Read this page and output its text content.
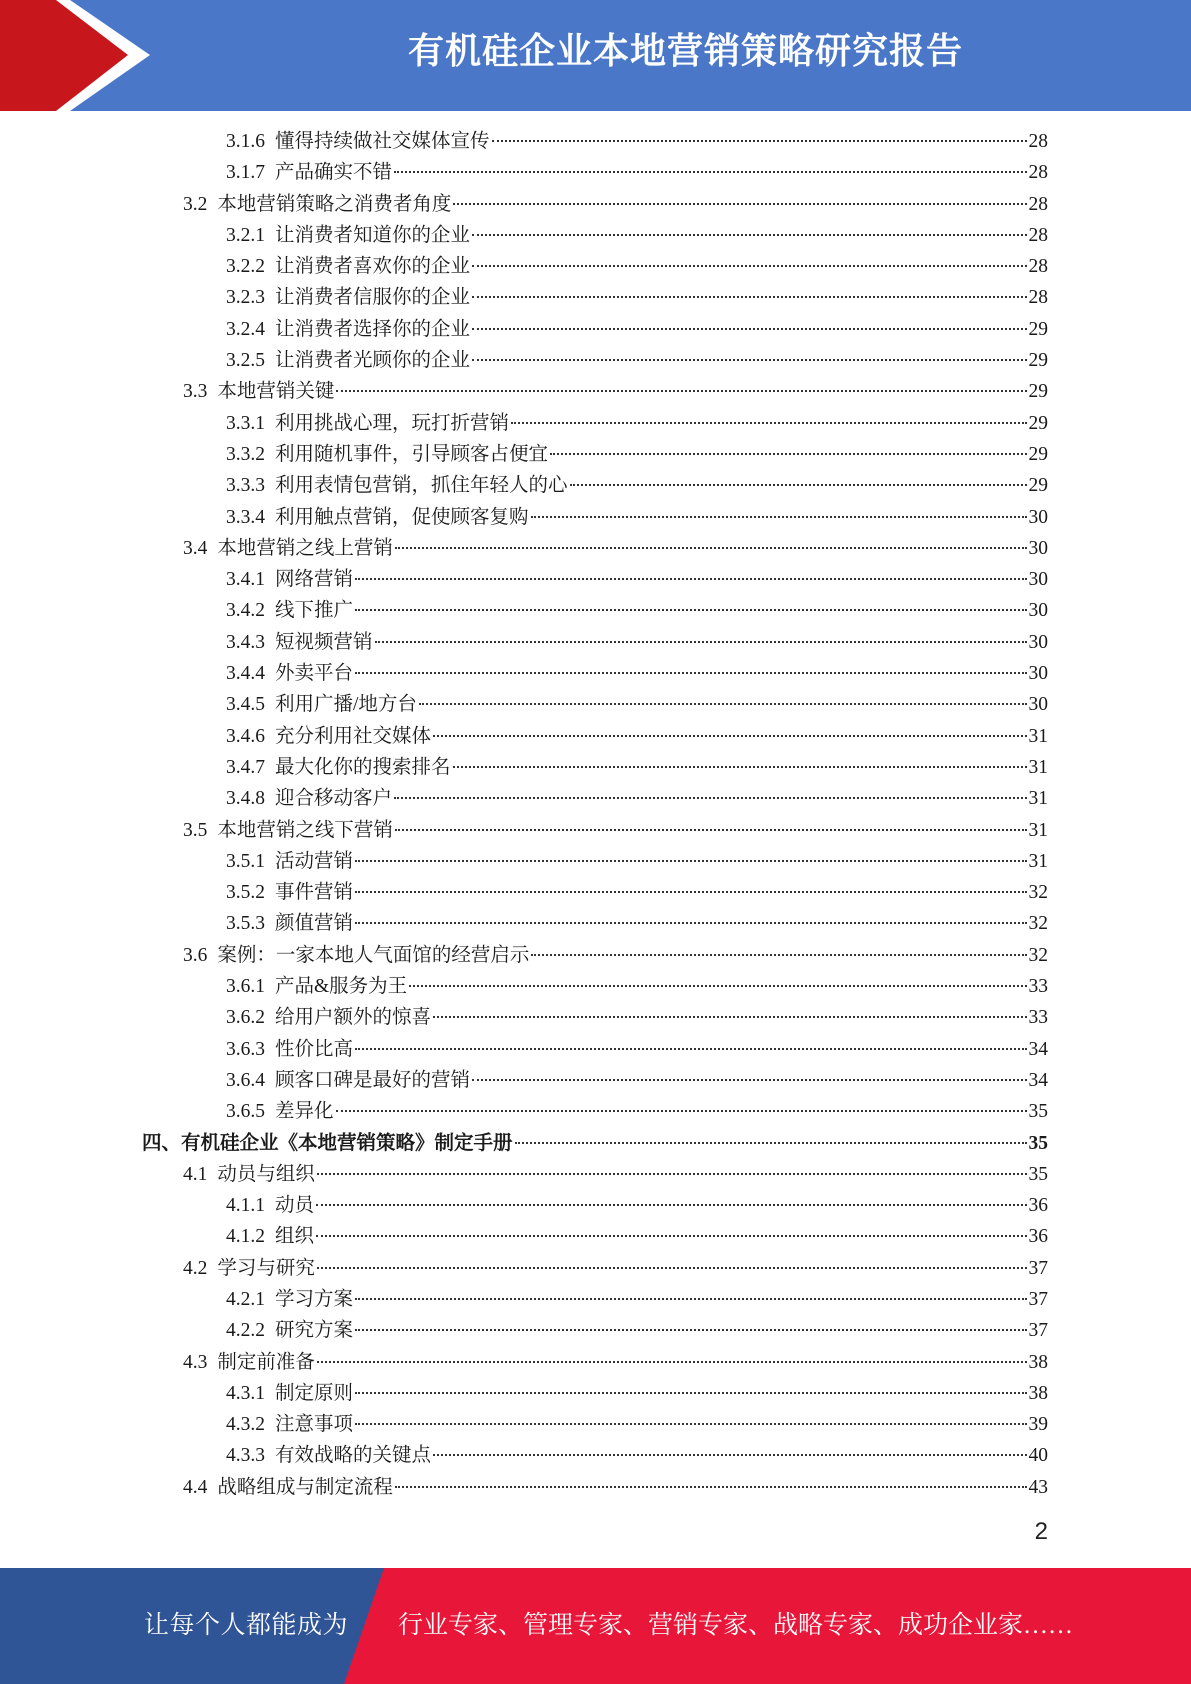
有机硅企业本地营销策略研究报告
3.1.6 懂得持续做社交媒体宣传	28
3.1.7 产品确实不错	28
3.2 本地营销策略之消费者角度	28
3.2.1 让消费者知道你的企业	28
3.2.2 让消费者喜欢你的企业	28
3.2.3 让消费者信服你的企业	28
3.2.4 让消费者选择你的企业	29
3.2.5 让消费者光顾你的企业	29
3.3 本地营销关键	29
3.3.1 利用挑战心理，玩打折营销	29
3.3.2 利用随机事件，引导顾客占便宜	29
3.3.3 利用表情包营销，抓住年轻人的心	29
3.3.4 利用触点营销，促使顾客复购	30
3.4 本地营销之线上营销	30
3.4.1 网络营销	30
3.4.2 线下推广	30
3.4.3 短视频营销	30
3.4.4 外卖平台	30
3.4.5 利用广播/地方台	30
3.4.6 充分利用社交媒体	31
3.4.7 最大化你的搜索排名	31
3.4.8 迎合移动客户	31
3.5 本地营销之线下营销	31
3.5.1 活动营销	31
3.5.2 事件营销	32
3.5.3 颜值营销	32
3.6 案例：一家本地人气面馆的经营启示	32
3.6.1 产品&服务为王	33
3.6.2 给用户额外的惊喜	33
3.6.3 性价比高	34
3.6.4 顾客口碑是最好的营销	34
3.6.5 差异化	35
四、有机硅企业《本地营销策略》制定手册	35
4.1 动员与组织	35
4.1.1 动员	36
4.1.2 组织	36
4.2 学习与研究	37
4.2.1 学习方案	37
4.2.2 研究方案	37
4.3 制定前准备	38
4.3.1 制定原则	38
4.3.2 注意事项	39
4.3.3 有效战略的关键点	40
4.4 战略组成与制定流程	43
2
让每个人都能成为 行业专家、管理专家、营销专家、战略专家、成功企业家……
